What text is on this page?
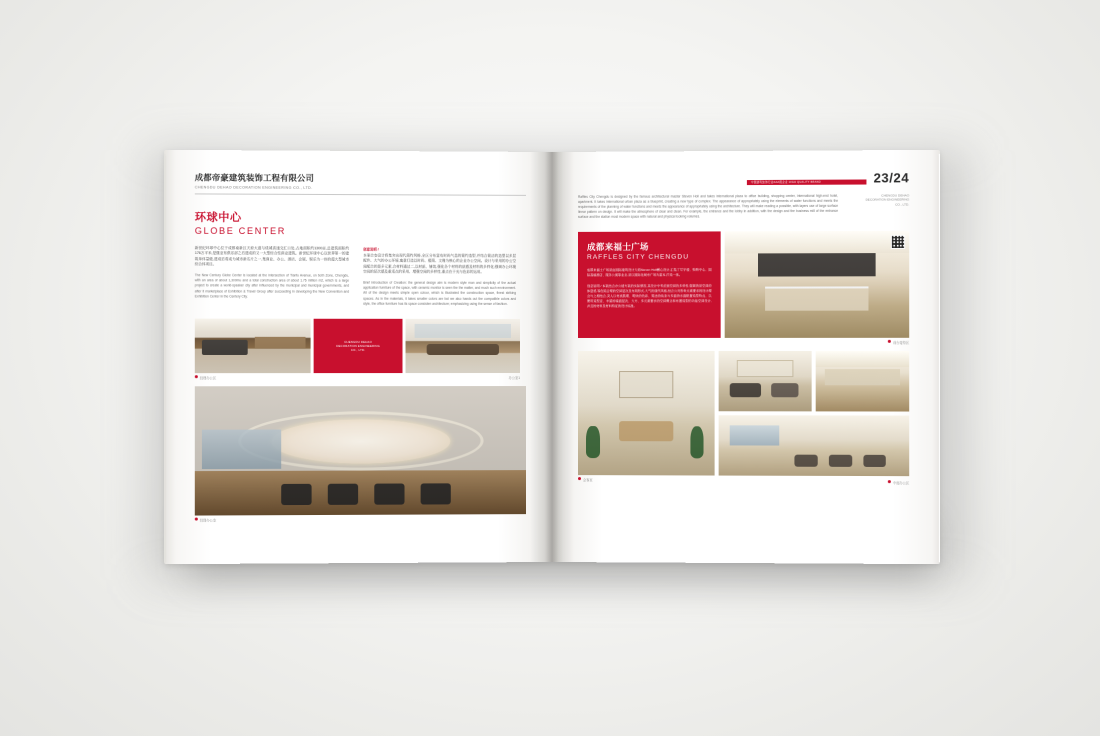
成都帝豪建筑装饰工程有限公司
CHENGDU DEHAO DECORATION ENGINEERING CO., LTD.
环球中心
GLOBE CENTER
新世纪环球中心位于成都南新区天府大道与绕城高速交汇口处,占地面积约1300亩,总建筑面积约176万平米,是继亚布俱乐部之后建成的又一大型综合性商业建筑。新世纪环球中心以世界第一的建筑单体量级,建成后将成为城市新名片之一,集商业、办公、酒店、会展、娱乐为一体的超大型城市综合体项目。
The New Century Globe Center is located at the intersection of Tianfu Avenue, on both Zone, Chengdu, with an area of about 1,300mu and a total construction area of about 1.76 million m2, which is a large project to create a world-speaker city after influenced by the municipal and municipal governments, and after it marketplace of Exhibition & Travel Group after succeeding in developing the New Convention and Exhibition Center in the Centery City.
创意说明 /
本案合参设计将集突出现代简约风格,全区分布富有时尚气息的简约造型,并结合简洁的造型以多层配件、大气的办公环境,寓意打造以时尚、极简、文雅为核心的企业办公空间。设计与采用的办公空间配合的是多元素,合材料通过二,以材质、铺装,强化各个材料的质感及材料的多样化;强调办公环境空间的层次感及重适点的采用、增强空间的多样性,重点在于光与色彩的运用。
Brief introduction of Creation: the general design aim is modern style man and simplicity of the actual application furniture of the space, with ceramic monitor is seen the the matter, and much such environment. All of the design meets simple open colour, which is illustrated the construction space, finest striking spaces. As in the materials, it takes smaller colors are but we also hands out the compatible colors and style, the office furniture has its space consisten architecture; emphasizing using the sense of fashion.
经理办公区
CHENGDU DEHAO
DECORATION ENGINEERING
CO., LTD.
办公室1
经理办公室
中国建筑装饰行业AAA级企业 HIGH QUALITY BRAND	23/24
Raffles City Chengdu is designed by the famous architectural master Steven Holl and takes international plaza to office building, shopping center, international high-end hotel, apartment. It takes international urban plaza as a blueprint, creating a new type of complex. The appearance of appropriately using the elements of water functions and meets the requirements of the planning of water functions and meets the appearance of appropriately using the architecture. They will make reading a possible, with layers use of large surface linear pattern on design. It will make the atmosphere of clear and clean. For example, the entrance and the lobby in addition, with the design and the business mill of the entrance surface and the station most modern space with natural and physical looking volumes.
CHENGDU DEHAO
DECORATION ENGINEERING
CO., LTD.
成都来福士广场
RAFFLES CITY CHENGDU
成都来福士广场是由国际建筑设计大师Steven Holl精心设计,汇集了写字楼、购物中心、国际高端酒店、服务公寓等业态,是以国际化城市广场为蓝本,打造一体。
创意说明 / 本案结合办公楼方案的实际情况,其设计中考虑到空间的多样性,强调的是空间的体量感,等创造合理的空间层次及布局形式,大气的现代风格,结合公共形象元素要求的设计理念与之相结合,突入以材质肌理、明快的色彩、简洁的线条与多面的水面配置造型特点、以便用造型意、丰富的墙面层次、大方、多元素要求的空间概念和布置造型的功能空间设计,并且的材料及材料特征的设计标准。
前台接待区
会客室
中庭办公区
